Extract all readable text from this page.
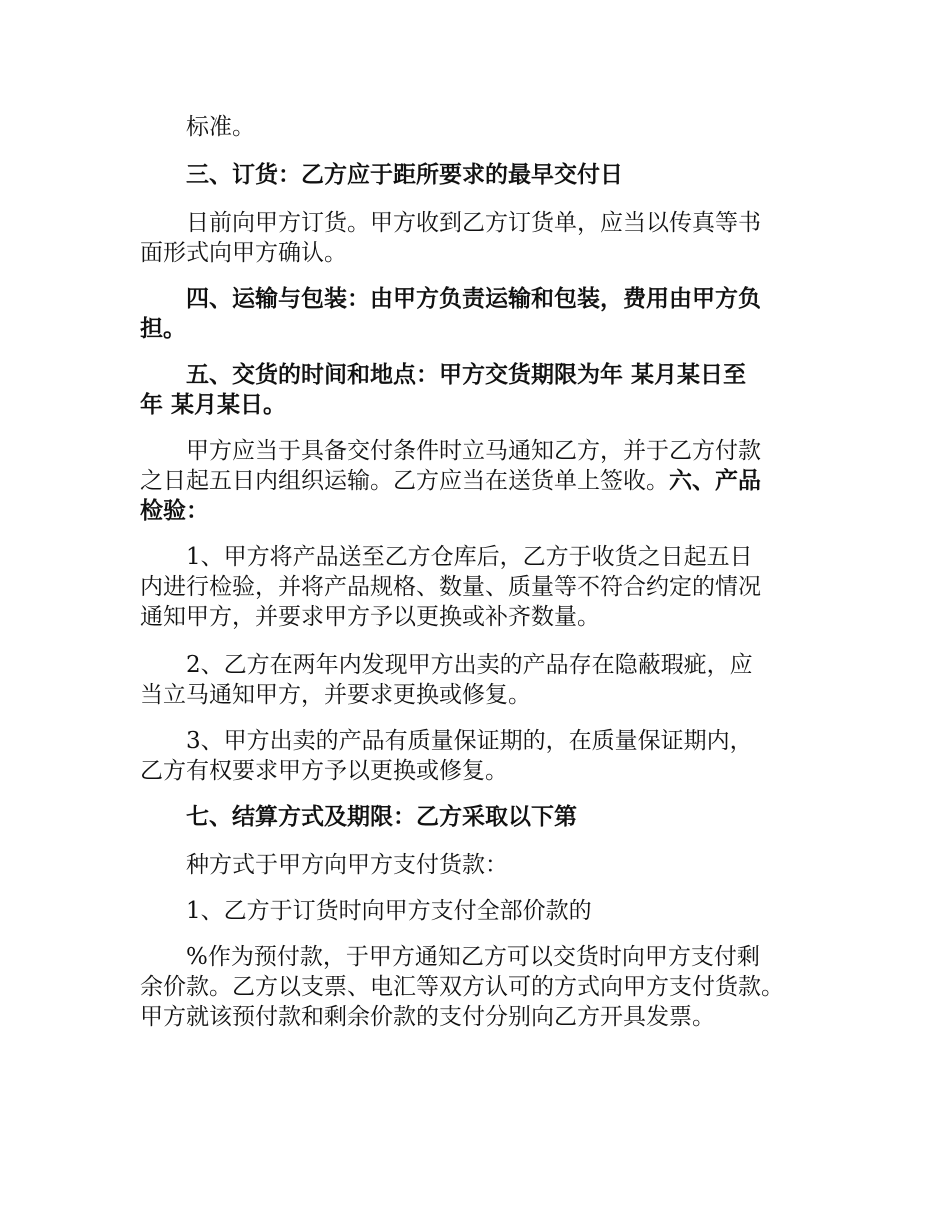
标准。
三、订货：乙方应于距所要求的最早交付日
日前向甲方订货。甲方收到乙方订货单，应当以传真等书
面形式向甲方确认。
四、运输与包装：由甲方负责运输和包装，费用由甲方负
担。
五、交货的时间和地点：甲方交货期限为年 某月某日至
年 某月某日。
甲方应当于具备交付条件时立马通知乙方，并于乙方付款
之日起五日内组织运输。乙方应当在送货单上签收。六、产品
检验：
1、甲方将产品送至乙方仓库后，乙方于收货之日起五日
内进行检验，并将产品规格、数量、质量等不符合约定的情况
通知甲方，并要求甲方予以更换或补齐数量。
2、乙方在两年内发现甲方出卖的产品存在隐蔽瑕疵，应
当立马通知甲方，并要求更换或修复。
3、甲方出卖的产品有质量保证期的，在质量保证期内，
乙方有权要求甲方予以更换或修复。
七、结算方式及期限：乙方采取以下第
种方式于甲方向甲方支付货款：
1、乙方于订货时向甲方支付全部价款的
%作为预付款，于甲方通知乙方可以交货时向甲方支付剩
余价款。乙方以支票、电汇等双方认可的方式向甲方支付货款。
甲方就该预付款和剩余价款的支付分别向乙方开具发票。
